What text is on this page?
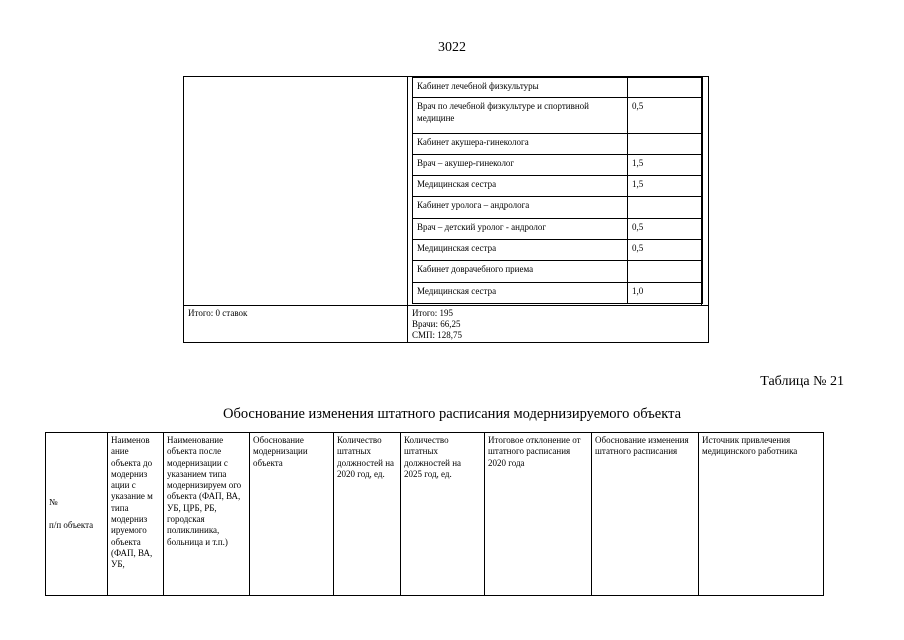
3022
Кабинет лечебной физкультуры	
Врач по лечебной физкультуре и спортивной медицине	0,5
Кабинет акушера-гинеколога	
Врач – акушер-гинеколог	1,5
Медицинская сестра	1,5
Кабинет уролога – андролога	
Врач – детский уролог - андролог	0,5
Медицинская сестра	0,5
Кабинет доврачебного приема	
Медицинская сестра	1,0
Итого: 0 ставок	Итого: 195
Врачи: 66,25
СМП: 128,75
Таблица № 21
Обоснование изменения штатного расписания модернизируемого объекта
№

п/п объекта	Наименов ание объекта до модерниз ации с указание м типа модерниз ируемого объекта (ФАП, ВА, УБ,	Наименование объекта после модернизации с указанием типа модернизируем ого объекта (ФАП, ВА, УБ, ЦРБ, РБ, городская поликлиника, больница и т.п.)	Обоснование модернизации объекта	Количество штатных должностей на 2020 год, ед.	Количество штатных должностей на 2025 год, ед.	Итоговое отклонение от штатного расписания 2020 года	Обоснование изменения штатного расписания	Источник привлечения медицинского работника
